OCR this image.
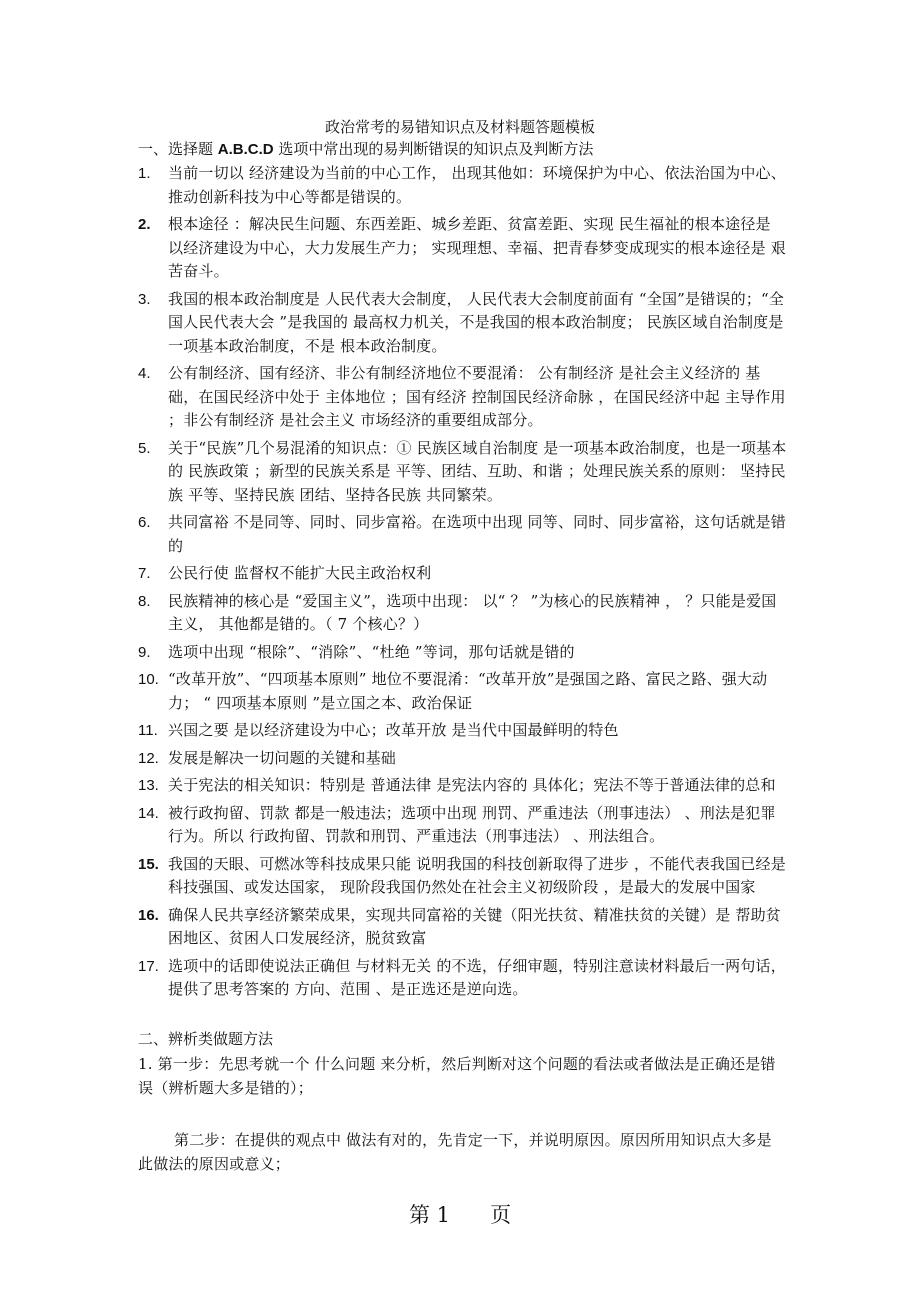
政治常考的易错知识点及材料题答题模板
一、选择题 A.B.C.D 选项中常出现的易判断错误的知识点及判断方法
1.	当前一切以 经济建设为当前的中心工作， 出现其他如：环境保护为中心、依法治国为中心、推动创新科技为中心等都是错误的。
2.	根本途径 ：解决民生问题、东西差距、城乡差距、贫富差距、实现 民生福祉的根本途径是 以经济建设为中心，大力发展生产力； 实现理想、幸福、把青春梦变成现实的根本途径是 艰苦奋斗。
3.	我国的根本政治制度是 人民代表大会制度， 人民代表大会制度前面有 “全国”是错误的；“全国人民代表大会 ”是我国的 最高权力机关，不是我国的根本政治制度； 民族区域自治制度是 一项基本政治制度，不是 根本政治制度。
4.	公有制经济、国有经济、非公有制经济地位不要混淆： 公有制经济 是社会主义经济的 基础，在国民经济中处于 主体地位 ；国有经济 控制国民经济命脉 ，在国民经济中起 主导作用 ；非公有制经济 是社会主义 市场经济的重要组成部分。
5.	关于“民族”几个易混淆的知识点：① 民族区域自治制度 是一项基本政治制度，也是一项基本的 民族政策 ；新型的民族关系是 平等、团结、互助、和谐 ；处理民族关系的原则： 坚持民族 平等、坚持民族 团结、坚持各民族 共同繁荣。
6.	共同富裕 不是同等、同时、同步富裕。在选项中出现 同等、同时、同步富裕，这句话就是错的
7.	公民行使 监督权不能扩大民主政治权利
8.	民族精神的核心是 “爱国主义”，选项中出现： 以“ ？ ”为核心的民族精神 ， ？只能是爱国主义， 其他都是错的。（ 7 个核心？）
9.	选项中出现 “根除”、“消除”、“杜绝 ”等词，那句话就是错的
10. “改革开放”、“四项基本原则” 地位不要混淆：“改革开放”是强国之路、富民之路、强大动力； “ 四项基本原则 ”是立国之本、政治保证
11. 兴国之要 是以经济建设为中心；改革开放 是当代中国最鲜明的特色
12. 发展是解决一切问题的关键和基础
13. 关于宪法的相关知识：特别是 普通法律 是宪法内容的 具体化；宪法不等于普通法律的总和
14. 被行政拘留、罚款 都是一般违法；选项中出现 刑罚、严重违法（刑事违法） 、刑法是犯罪行为。所以 行政拘留、罚款和刑罚、严重违法（刑事违法） 、刑法组合。
15. 我国的天眼、可燃冰等科技成果只能 说明我国的科技创新取得了进步 ，不能代表我国已经是科技强国、或发达国家， 现阶段我国仍然处在社会主义初级阶段 ，是最大的发展中国家
16. 确保人民共享经济繁荣成果，实现共同富裕的关键（阳光扶贫、精准扶贫的关键）是 帮助贫困地区、贫困人口发展经济，脱贫致富
17. 选项中的话即使说法正确但 与材料无关 的不选，仔细审题，特别注意读材料最后一两句话， 提供了思考答案的 方向、范围 、是正选还是逆向选。
二、辨析类做题方法
1. 第一步：先思考就一个 什么问题 来分析，然后判断对这个问题的看法或者做法是正确还是错误（辨析题大多是错的）；
第二步：在提供的观点中 做法有对的，先肯定一下，并说明原因。原因所用知识点大多是 此做法的原因或意义；
第 1 页
